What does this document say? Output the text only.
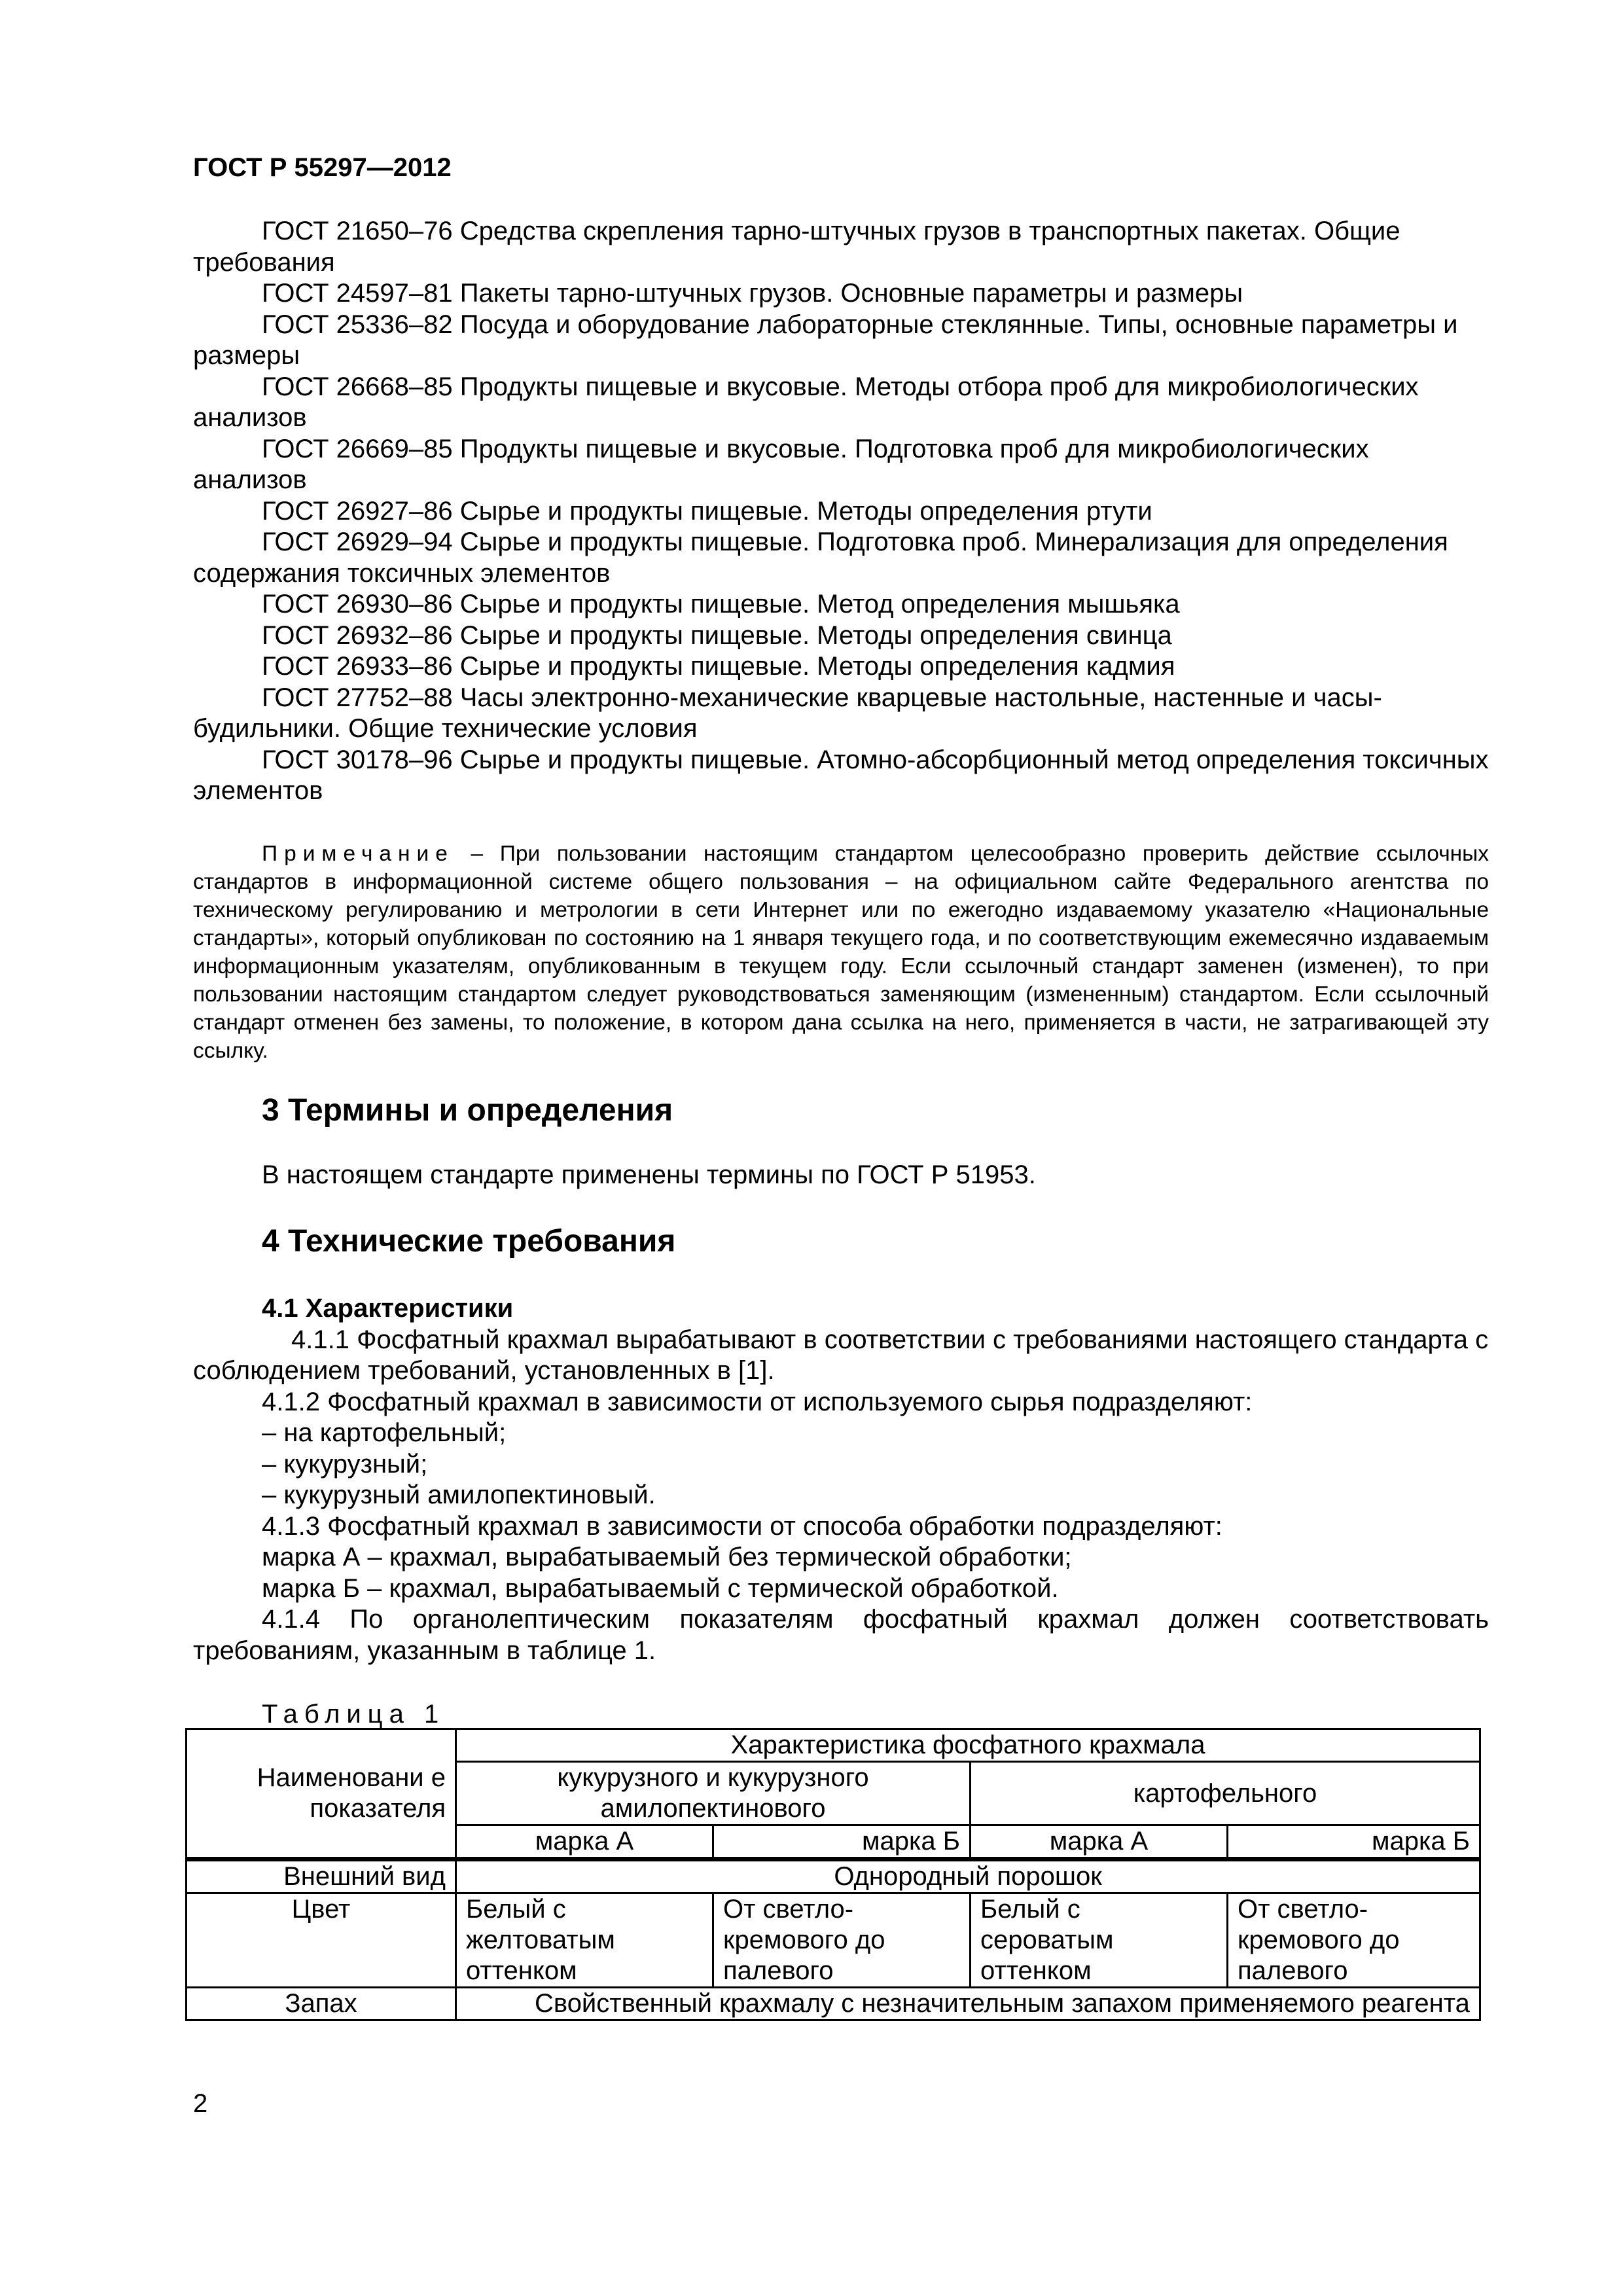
ГОСТ Р 55297—2012

ГОСТ 21650–76 Средства скрепления тарно-штучных грузов в транспортных пакетах. Общие требования

ГОСТ 24597–81 Пакеты тарно-штучных грузов. Основные параметры и размеры

ГОСТ 25336–82 Посуда и оборудование лабораторные стеклянные. Типы, основные параметры и размеры

ГОСТ 26668–85 Продукты пищевые и вкусовые. Методы отбора проб для микробиологических анализов

ГОСТ 26669–85 Продукты пищевые и вкусовые. Подготовка проб для микробиологических анализов

ГОСТ 26927–86 Сырье и продукты пищевые. Методы определения ртути

ГОСТ 26929–94 Сырье и продукты пищевые. Подготовка проб. Минерализация для определения содержания токсичных элементов

ГОСТ 26930–86 Сырье и продукты пищевые. Метод определения мышьяка

ГОСТ 26932–86 Сырье и продукты пищевые. Методы определения свинца

ГОСТ 26933–86 Сырье и продукты пищевые. Методы определения кадмия

ГОСТ 27752–88 Часы электронно-механические кварцевые настольные, настенные и часы-будильники. Общие технические условия

ГОСТ 30178–96 Сырье и продукты пищевые. Атомно-абсорбционный метод определения токсичных элементов

Примечание – При пользовании настоящим стандартом целесообразно проверить действие ссылочных стандартов в информационной системе общего пользования – на официальном сайте Федерального агентства по техническому регулированию и метрологии в сети Интернет или по ежегодно издаваемому указателю «Национальные стандарты», который опубликован по состоянию на 1 января текущего года, и по соответствующим ежемесячно издаваемым информационным указателям, опубликованным в текущем году. Если ссылочный стандарт заменен (изменен), то при пользовании настоящим стандартом следует руководствоваться заменяющим (измененным) стандартом. Если ссылочный стандарт отменен без замены, то положение, в котором дана ссылка на него, применяется в части, не затрагивающей эту ссылку.

3 Термины и определения

В настоящем стандарте применены термины по ГОСТ Р 51953.

4 Технические требования

4.1 Характеристики

4.1.1 Фосфатный крахмал вырабатывают в соответствии с требованиями настоящего стандарта с соблюдением требований, установленных в [1].

4.1.2 Фосфатный крахмал в зависимости от используемого сырья подразделяют:

– на картофельный;

– кукурузный;

– кукурузный амилопектиновый.

4.1.3 Фосфатный крахмал в зависимости от способа обработки подразделяют:

марка А – крахмал, вырабатываемый без термической обработки;

марка Б – крахмал, вырабатываемый с термической обработкой.

4.1.4 По органолептическим показателям фосфатный крахмал должен соответствовать

требованиям, указанным в таблице 1.

Таблица 1
Наименовани е показателя	Характеристика фосфатного крахмала			
	кукурузного и кукурузного амилопектинового		картофельного	
	марка А	марка Б	марка А	марка Б
Внешний вид	Однородный порошок			
Цвет	Белый с желтоватым оттенком	От светло-кремового до палевого	Белый с сероватым оттенком	От светло-кремового до палевого
Запах	Свойственный крахмалу с незначительным запахом применяемого реагента			
2
